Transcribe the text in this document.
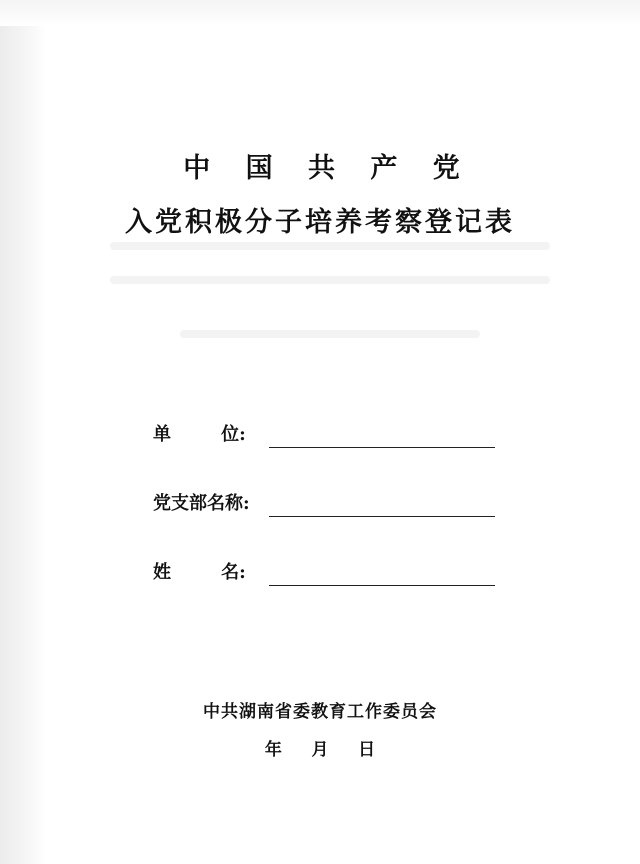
中 国 共 产 党
入党积极分子培养考察登记表
单        位:
党支部名称:
姓        名:
中共湖南省委教育工作委员会
年     月     日
